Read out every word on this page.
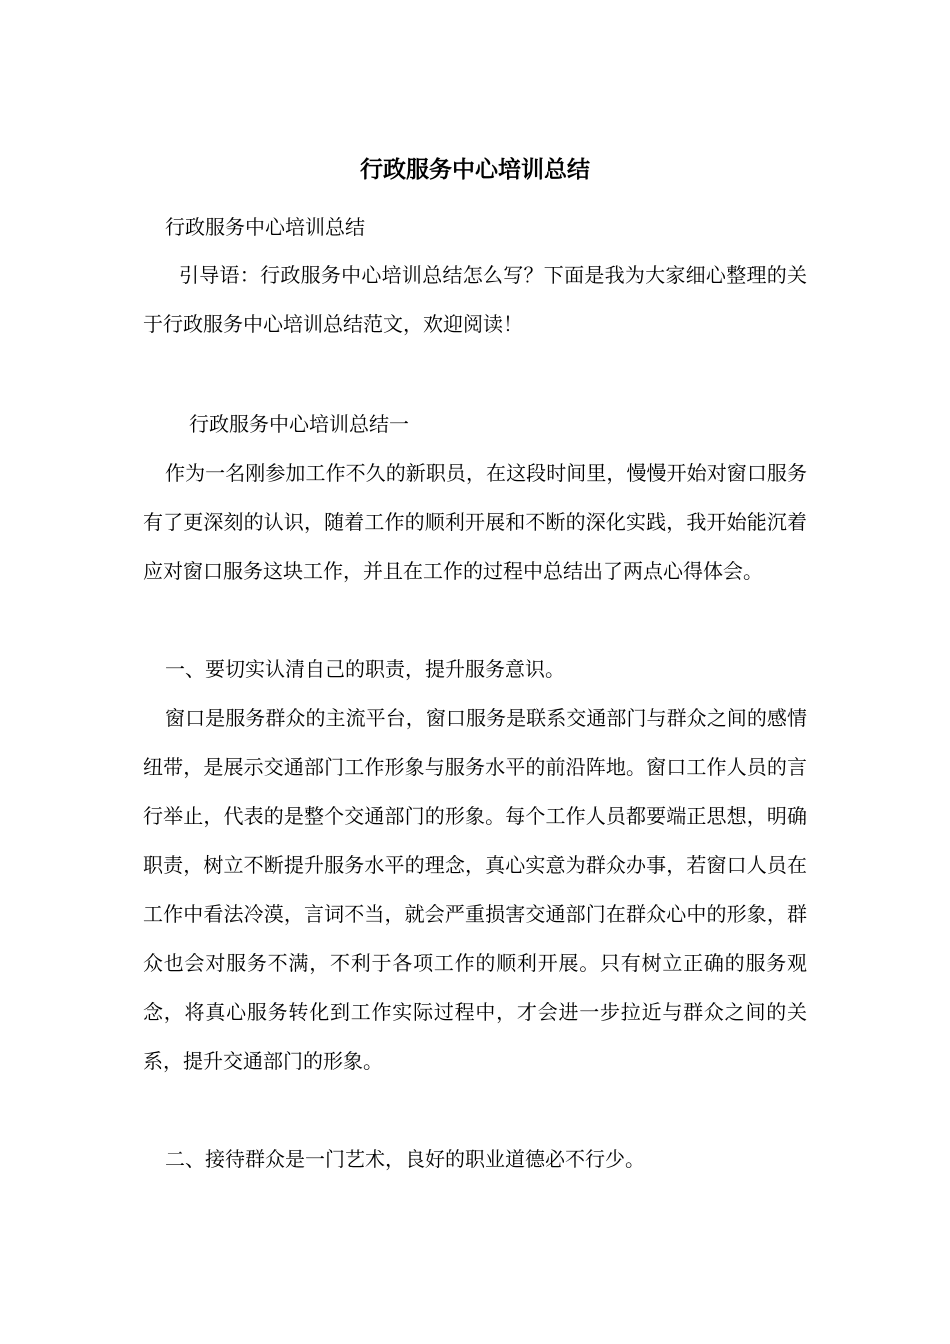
行政服务中心培训总结

行政服务中心培训总结

引导语：行政服务中心培训总结怎么写？下面是我为大家细心整理的关于行政服务中心培训总结范文，欢迎阅读！

行政服务中心培训总结一

作为一名刚参加工作不久的新职员，在这段时间里，慢慢开始对窗口服务有了更深刻的认识，随着工作的顺利开展和不断的深化实践，我开始能沉着应对窗口服务这块工作，并且在工作的过程中总结出了两点心得体会。

一、要切实认清自己的职责，提升服务意识。

窗口是服务群众的主流平台，窗口服务是联系交通部门与群众之间的感情纽带，是展示交通部门工作形象与服务水平的前沿阵地。窗口工作人员的言行举止，代表的是整个交通部门的形象。每个工作人员都要端正思想，明确职责，树立不断提升服务水平的理念，真心实意为群众办事，若窗口人员在工作中看法冷漠，言词不当，就会严重损害交通部门在群众心中的形象，群众也会对服务不满，不利于各项工作的顺利开展。只有树立正确的服务观念，将真心服务转化到工作实际过程中，才会进一步拉近与群众之间的关系，提升交通部门的形象。

二、接待群众是一门艺术，良好的职业道德必不行少。
